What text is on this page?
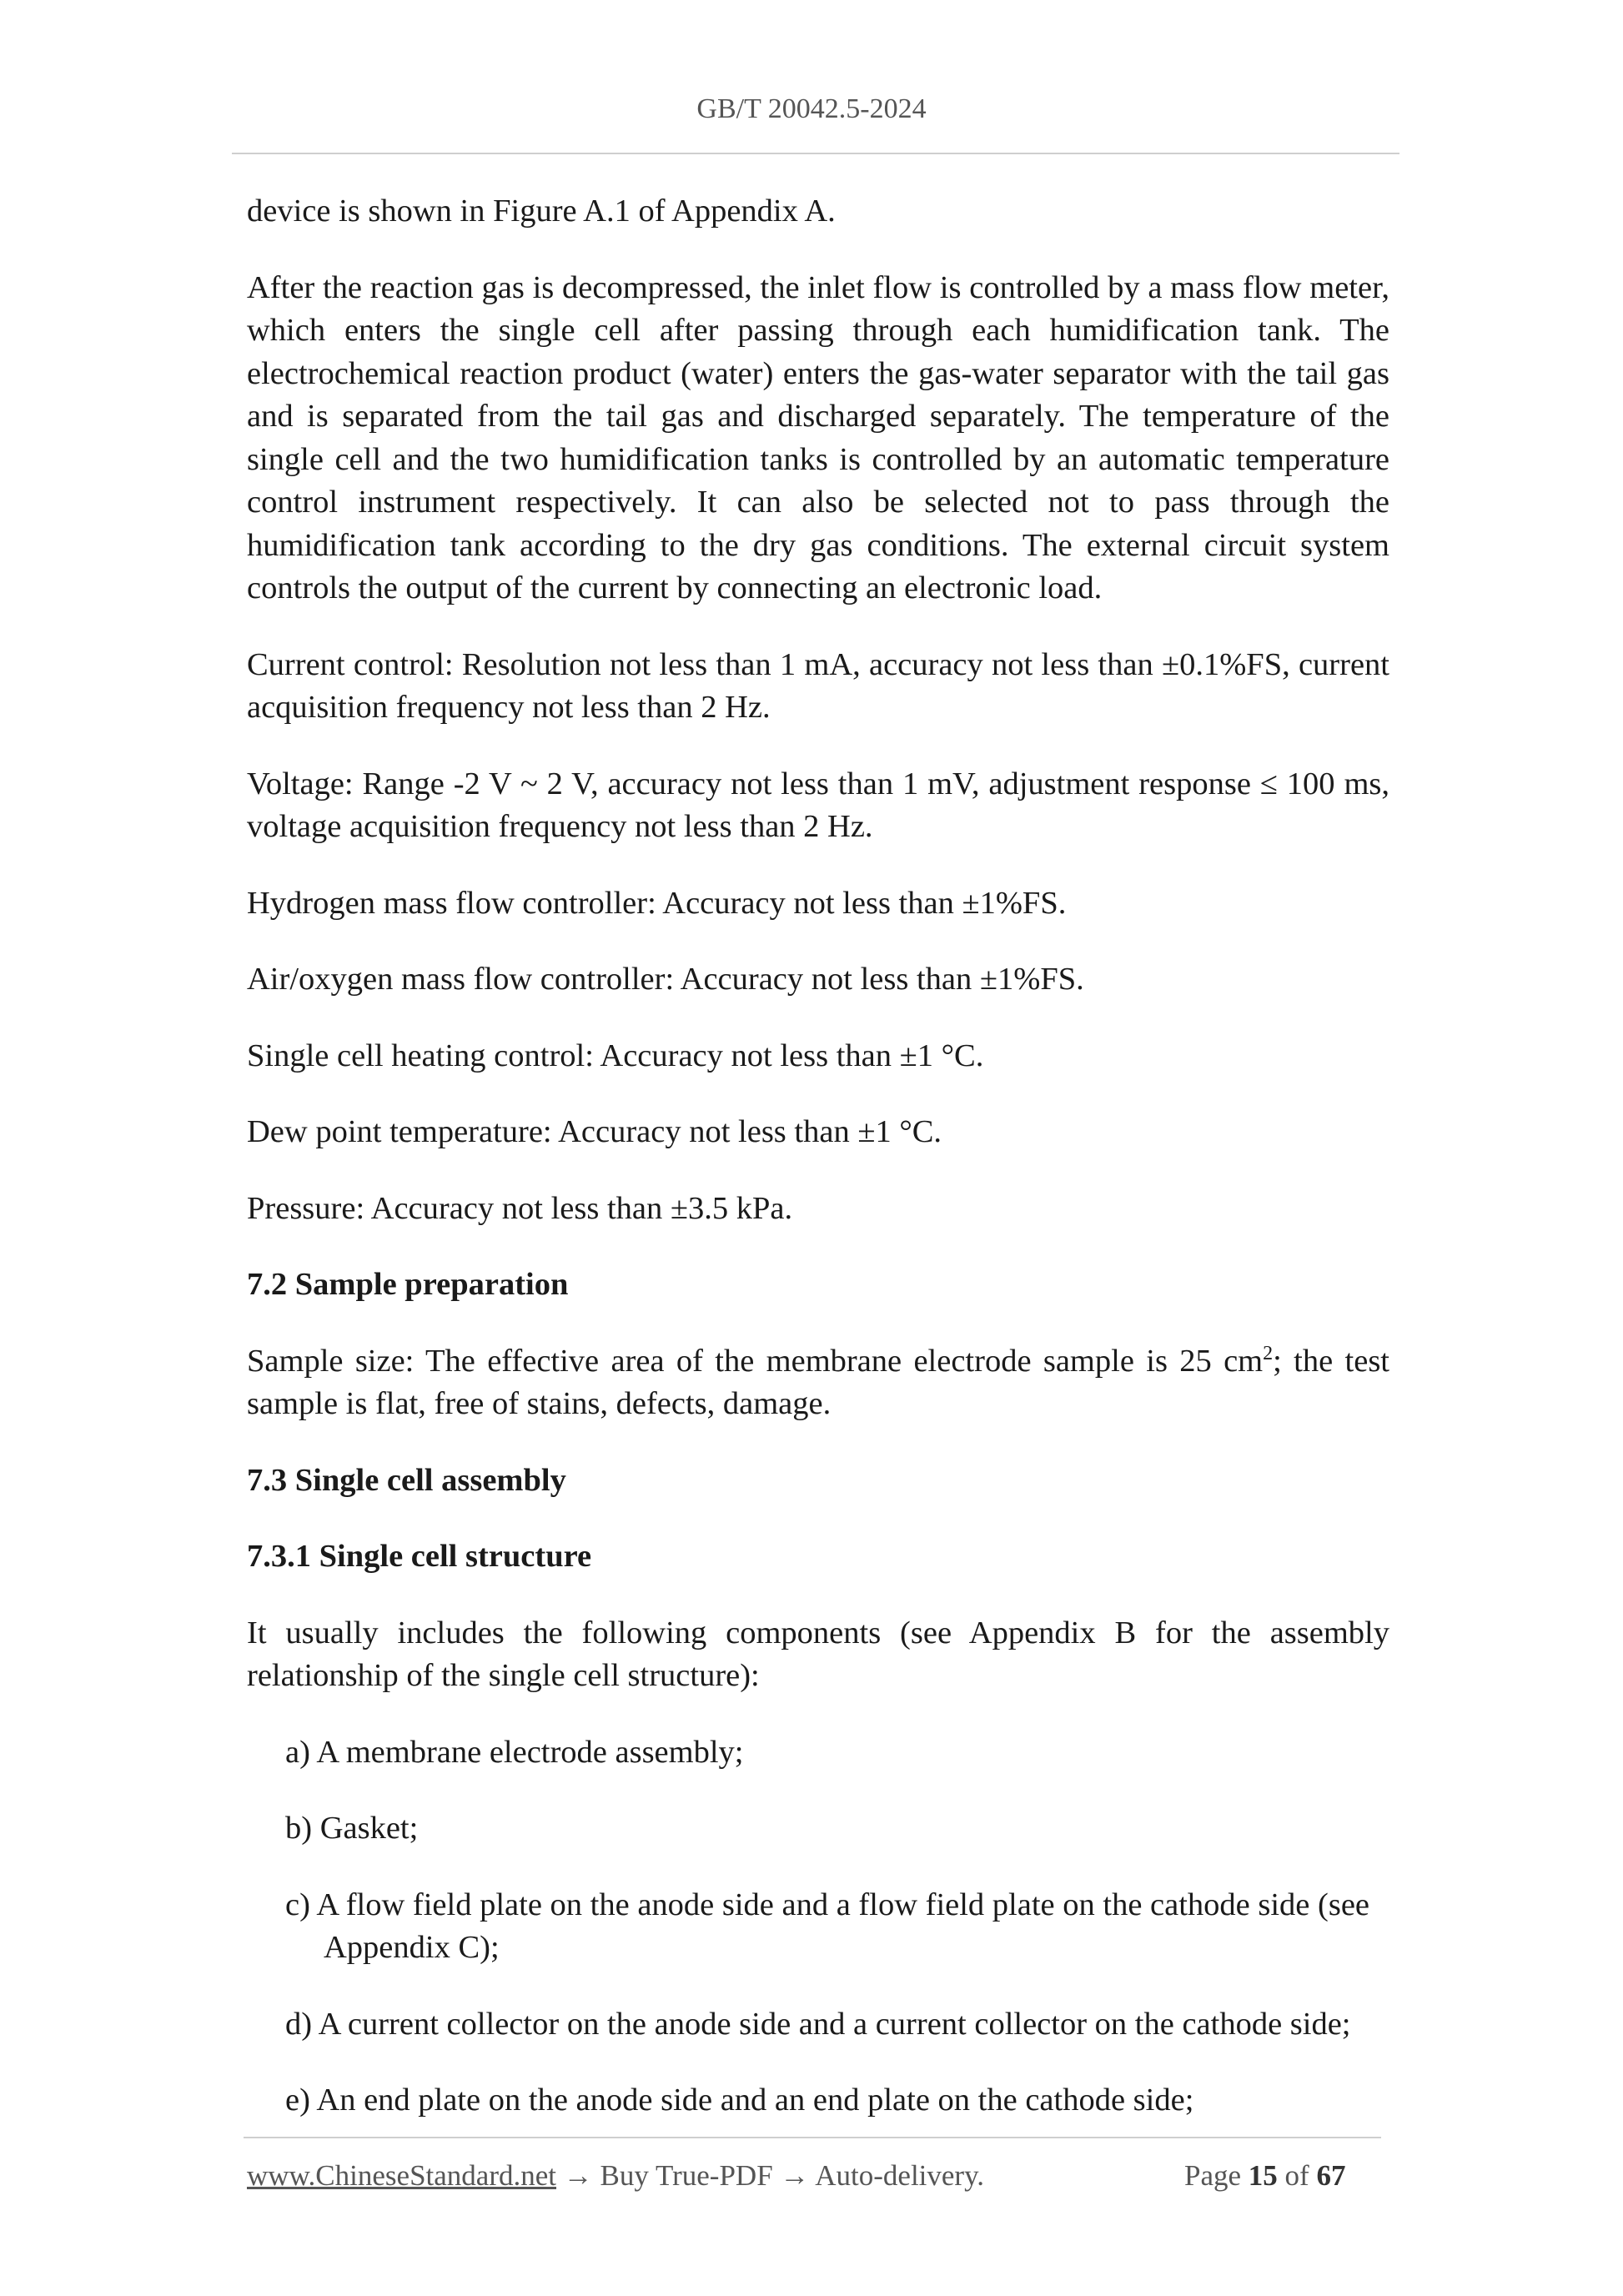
GB/T 20042.5-2024

device is shown in Figure A.1 of Appendix A.

After the reaction gas is decompressed, the inlet flow is controlled by a mass flow meter, which enters the single cell after passing through each humidification tank. The electrochemical reaction product (water) enters the gas-water separator with the tail gas and is separated from the tail gas and discharged separately. The temperature of the single cell and the two humidification tanks is controlled by an automatic temperature control instrument respectively. It can also be selected not to pass through the humidification tank according to the dry gas conditions. The external circuit system controls the output of the current by connecting an electronic load.

Current control: Resolution not less than 1 mA, accuracy not less than ±0.1%FS, current acquisition frequency not less than 2 Hz.

Voltage: Range -2 V ~ 2 V, accuracy not less than 1 mV, adjustment response ≤ 100 ms, voltage acquisition frequency not less than 2 Hz.

Hydrogen mass flow controller: Accuracy not less than ±1%FS.

Air/oxygen mass flow controller: Accuracy not less than ±1%FS.

Single cell heating control: Accuracy not less than ±1 °C.

Dew point temperature: Accuracy not less than ±1 °C.

Pressure: Accuracy not less than ±3.5 kPa.

7.2 Sample preparation

Sample size: The effective area of the membrane electrode sample is 25 $cm^2$; the test sample is flat, free of stains, defects, damage.

7.3 Single cell assembly
7.3.1 Single cell structure

It usually includes the following components (see Appendix B for the assembly relationship of the single cell structure):

a) A membrane electrode assembly;
b) Gasket;
c) A flow field plate on the anode side and a flow field plate on the cathode side (see Appendix C);
d) A current collector on the anode side and a current collector on the cathode side;
e) An end plate on the anode side and an end plate on the cathode side;
www.ChineseStandard.net → Buy True-PDF → Auto-delivery.	Page 15 of 67
